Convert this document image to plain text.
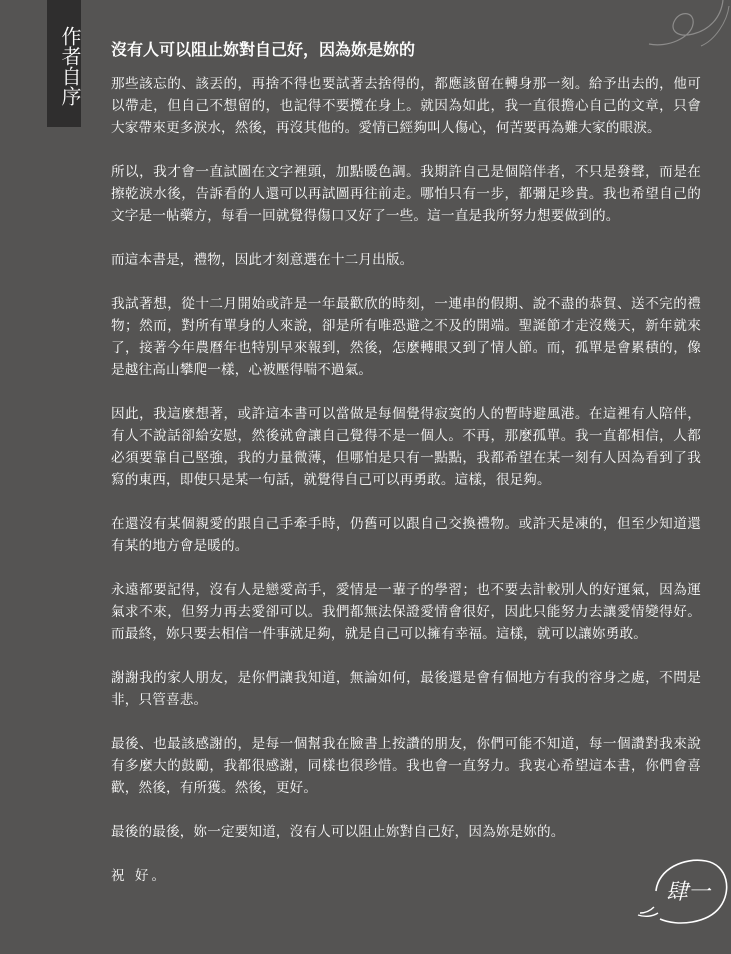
作者自序 沒有人可以阻止妳對自己好，因為妳是妳的

那些該忘的、該丟的，再捨不得也要試著去捨得的，都應該留在轉身那一刻。給予出去的，他可以帶走，但自己不想留的，也記得不要攬在身上。就因為如此，我一直很擔心自己的文章，只會大家帶來更多淚水，然後，再沒其他的。愛情已經夠叫人傷心，何苦要再為難大家的眼淚。

所以，我才會一直試圖在文字裡頭，加點暖色調。我期許自己是個陪伴者，不只是發聲，而是在擦乾淚水後，告訴看的人還可以再試圖再往前走。哪怕只有一步，都彌足珍貴。我也希望自己的文字是一帖藥方，每看一回就覺得傷口又好了一些。這一直是我所努力想要做到的。

而這本書是，禮物，因此才刻意選在十二月出版。

我試著想，從十二月開始或許是一年最歡欣的時刻，一連串的假期、說不盡的恭賀、送不完的禮物；然而，對所有單身的人來說，卻是所有唯恐避之不及的開端。聖誕節才走沒幾天，新年就來了，接著今年農曆年也特別早來報到，然後，怎麼轉眼又到了情人節。而，孤單是會累積的，像是越往高山攀爬一樣，心被壓得喘不過氣。

因此，我這麼想著，或許這本書可以當做是每個覺得寂寞的人的暫時避風港。在這裡有人陪伴，有人不說話卻給安慰，然後就會讓自己覺得不是一個人。不再，那麼孤單。我一直都相信，人都必須要靠自己堅強，我的力量微薄，但哪怕是只有一點點，我都希望在某一刻有人因為看到了我寫的東西，即使只是某一句話，就覺得自己可以再勇敢。這樣，很足夠。

在還沒有某個親愛的跟自己手牽手時，仍舊可以跟自己交換禮物。或許天是凍的，但至少知道還有某的地方會是暖的。

永遠都要記得，沒有人是戀愛高手，愛情是一輩子的學習；也不要去計較別人的好運氣，因為運氣求不來，但努力再去愛卻可以。我們都無法保證愛情會很好，因此只能努力去讓愛情變得好。而最終，妳只要去相信一件事就足夠，就是自己可以擁有幸福。這樣，就可以讓妳勇敢。

謝謝我的家人朋友，是你們讓我知道，無論如何，最後還是會有個地方有我的容身之處，不問是非，只管喜悲。

最後、也最該感謝的，是每一個幫我在臉書上按讚的朋友，你們可能不知道，每一個讚對我來說有多麼大的鼓勵，我都很感謝，同樣也很珍惜。我也會一直努力。我衷心希望這本書，你們會喜歡，然後，有所獲。然後，更好。

最後的最後，妳一定要知道，沒有人可以阻止妳對自己好，因為妳是妳的。

祝 好。

肆一
